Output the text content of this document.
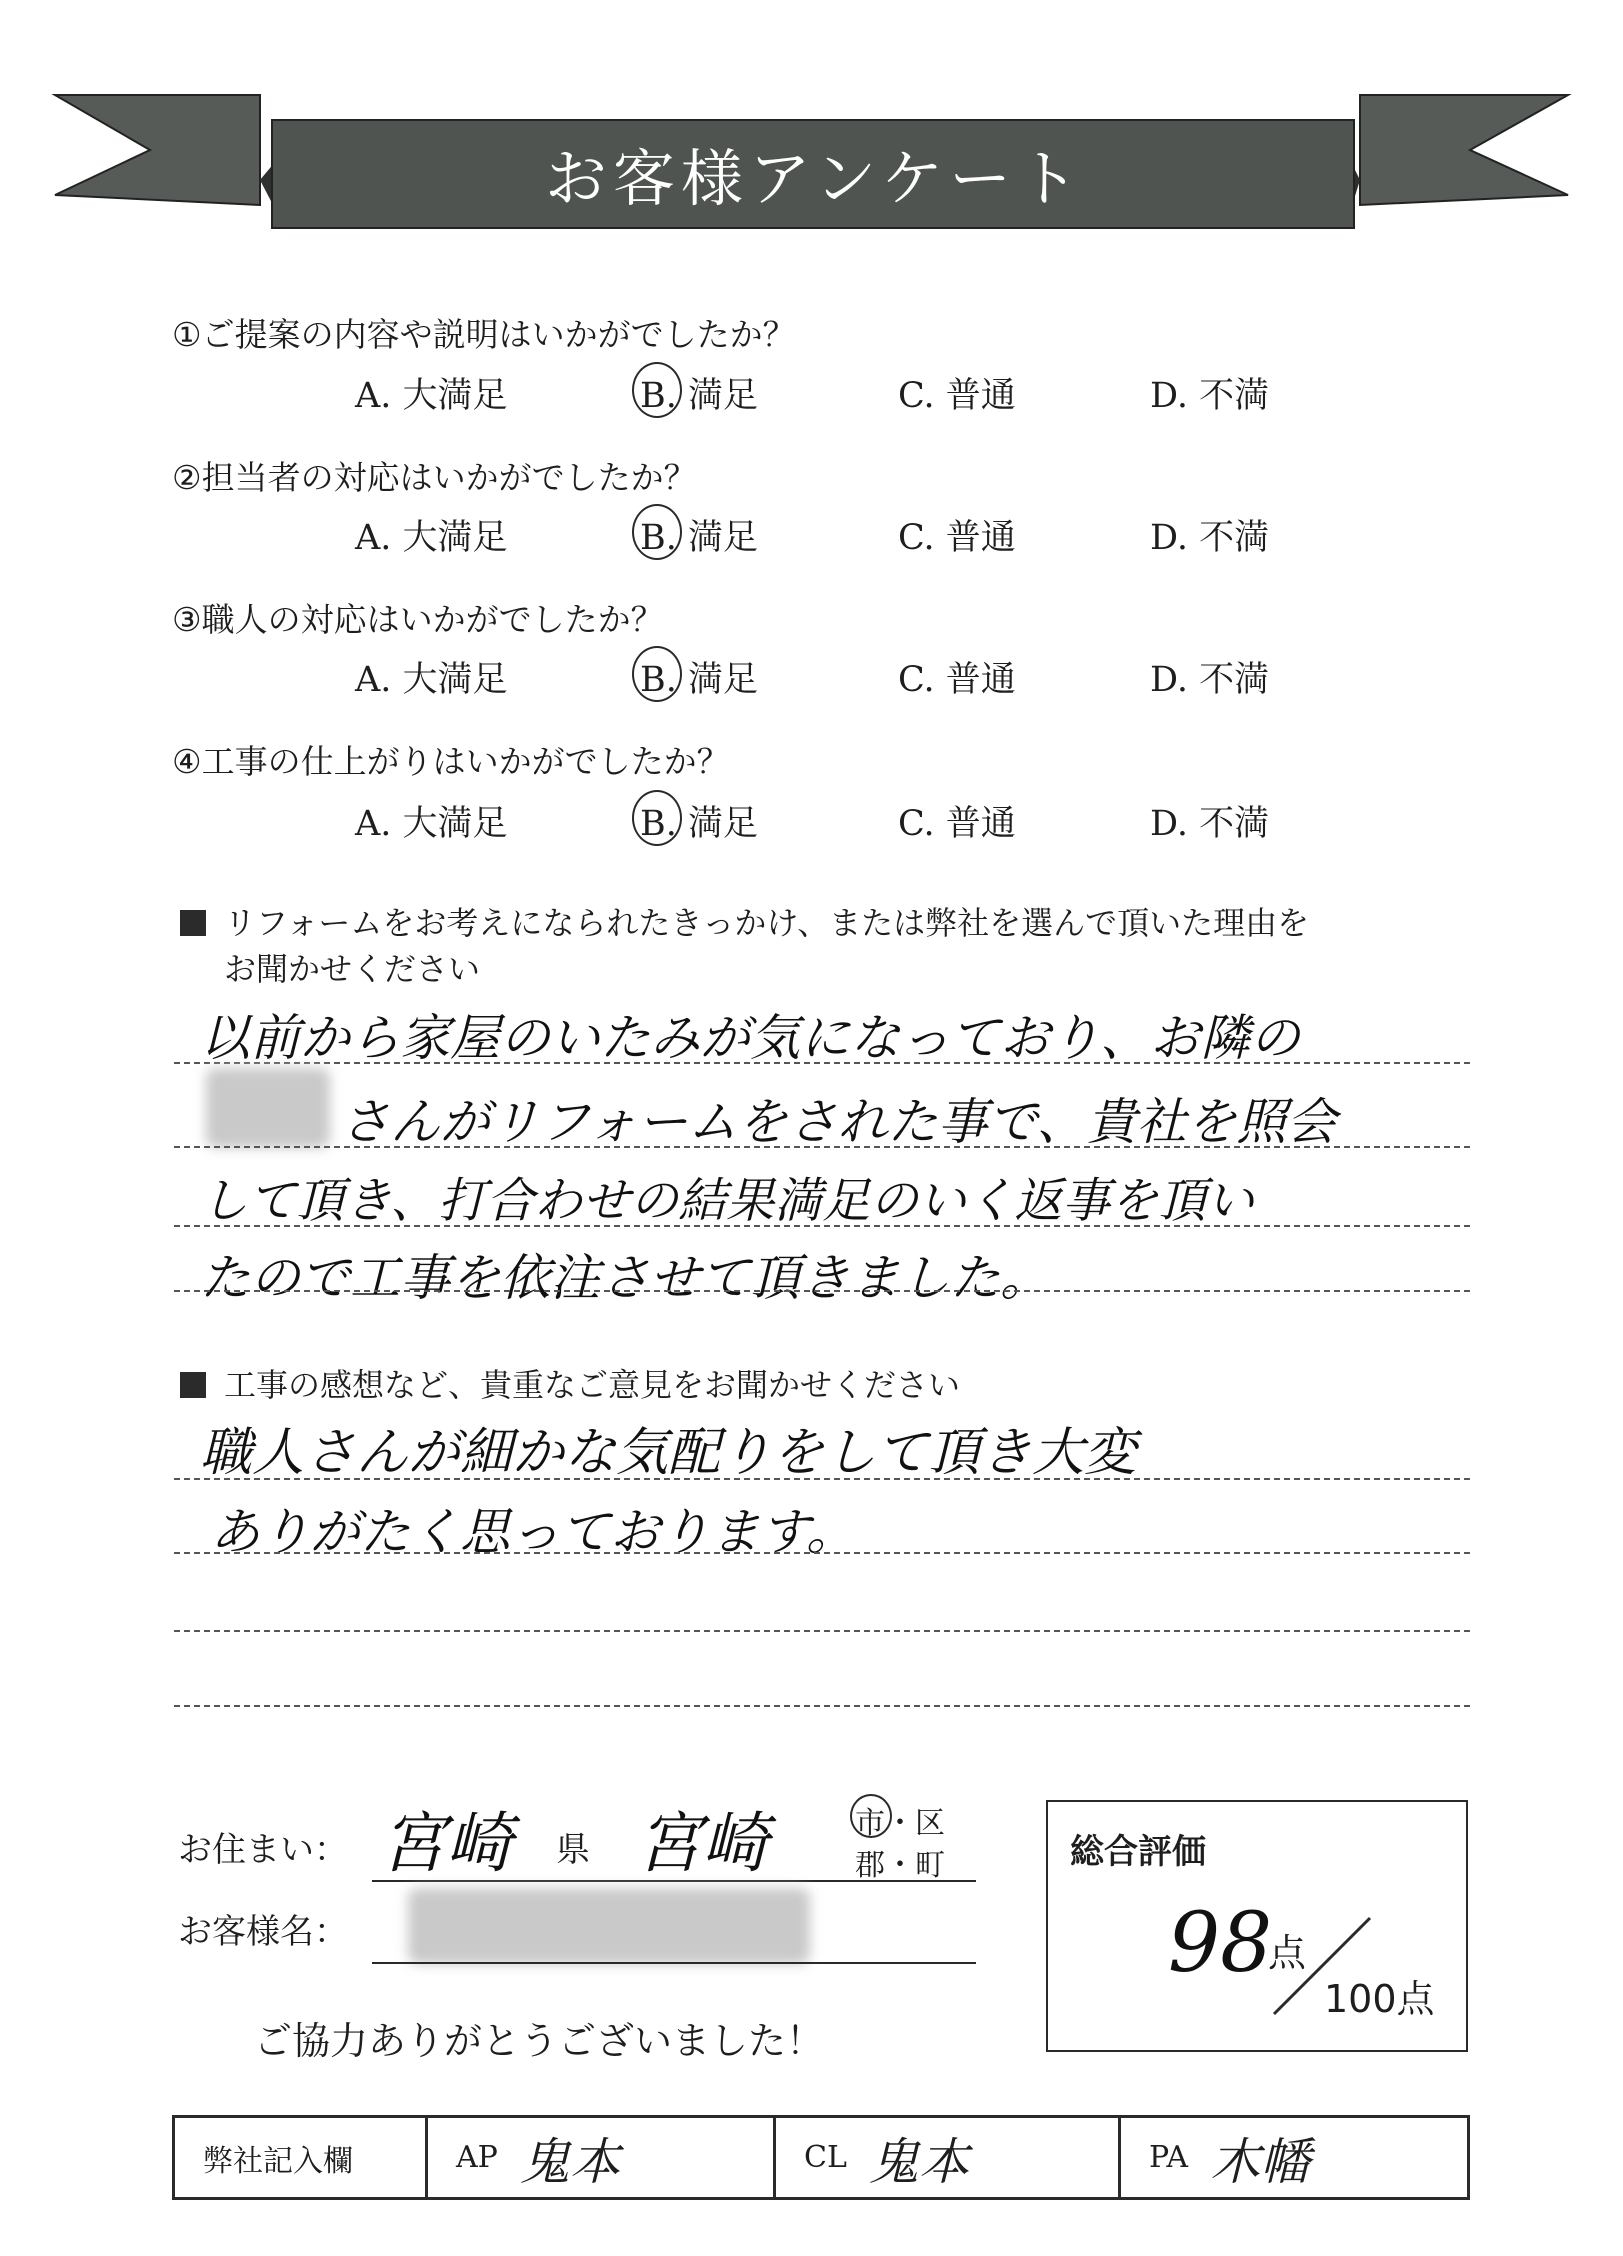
お客様アンケート
①ご提案の内容や説明はいかがでしたか？
A. 大満足	B. 満足	C. 普通	D. 不満
②担当者の対応はいかがでしたか？
A. 大満足	B. 満足	C. 普通	D. 不満
③職人の対応はいかがでしたか？
A. 大満足	B. 満足	C. 普通	D. 不満
④工事の仕上がりはいかがでしたか？
A. 大満足	B. 満足	C. 普通	D. 不満
リフォームをお考えになられたきっかけ、または弊社を選んで頂いた理由を
お聞かせください
以前から家屋のいたみが気になっており、お隣の
さんがリフォームをされた事で、貴社を照会
して頂き、打合わせの結果満足のいく返事を頂い
たので工事を依注させて頂きました。
工事の感想など、貴重なご意見をお聞かせください
職人さんが細かな気配りをして頂き大変
ありがたく思っております。
お住まい： 宮崎 県 宮崎	市・区
郡・町
お客様名：
ご協力ありがとうございました！
総合評価
98
点
100点
弊社記入欄	AP 鬼本	CL 鬼本	PA 木幡
